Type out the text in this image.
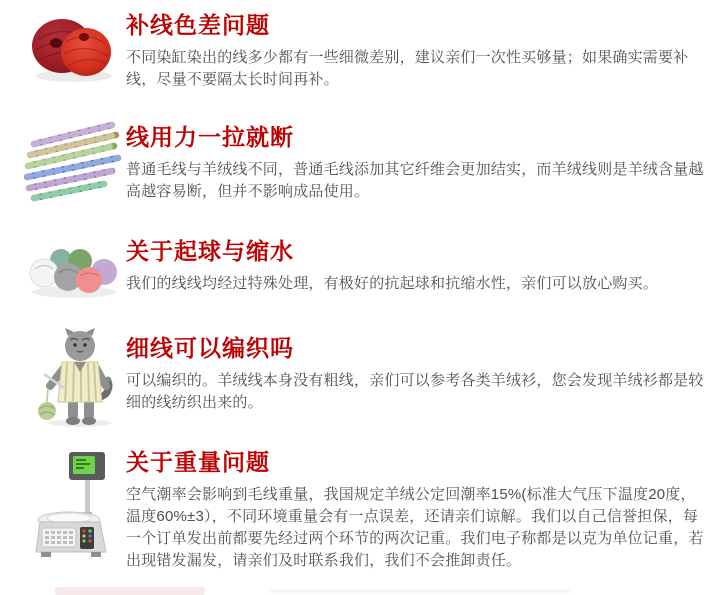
补线色差问题

不同染缸染出的线多少都有一些细微差别，建议亲们一次性买够量；如果确实需要补线，尽量不要隔太长时间再补。

线用力一拉就断

普通毛线与羊绒线不同，普通毛线添加其它纤维会更加结实，而羊绒线则是羊绒含量越高越容易断，但并不影响成品使用。

关于起球与缩水

我们的线线均经过特殊处理，有极好的抗起球和抗缩水性，亲们可以放心购买。

细线可以编织吗

可以编织的。羊绒线本身没有粗线，亲们可以参考各类羊绒衫，您会发现羊绒衫都是较细的线纺织出来的。

关于重量问题

空气潮率会影响到毛线重量，我国规定羊绒公定回潮率15%(标准大气压下温度20度，温度60%±3），不同环境重量会有一点误差，还请亲们谅解。我们以自己信誉担保，每一个订单发出前都要先经过两个环节的两次记重。我们电子称都是以克为单位记重，若出现错发漏发，请亲们及时联系我们，我们不会推卸责任。
